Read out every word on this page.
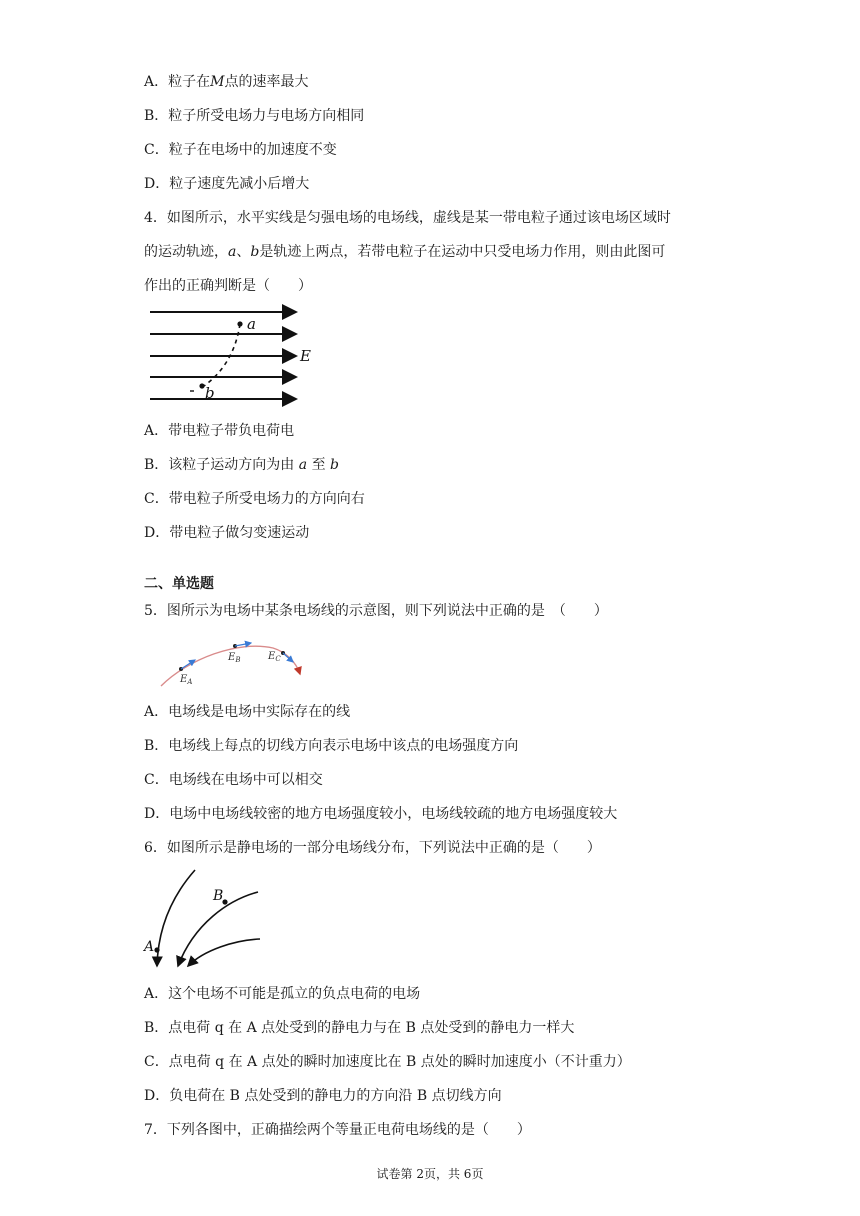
A．粒子在M点的速率最大
B．粒子所受电场力与电场方向相同
C．粒子在电场中的加速度不变
D．粒子速度先减小后增大
4．如图所示，水平实线是匀强电场的电场线，虚线是某一带电粒子通过该电场区域时
的运动轨迹，a、b是轨迹上两点，若带电粒子在运动中只受电场力作用，则由此图可
作出的正确判断是（　　）
a
b
E
A．带电粒子带负电荷电
B．该粒子运动方向为由 a 至 b
C．带电粒子所受电场力的方向向右
D．带电粒子做匀变速运动
二、单选题
5．图所示为电场中某条电场线的示意图，则下列说法中正确的是　（　　）
$E_A$
$E_B$	$E_C$
A．电场线是电场中实际存在的线
B．电场线上每点的切线方向表示电场中该点的电场强度方向
C．电场线在电场中可以相交
D．电场中电场线较密的地方电场强度较小，电场线较疏的地方电场强度较大
6．如图所示是静电场的一部分电场线分布，下列说法中正确的是（　　）
A
B
A．这个电场不可能是孤立的负点电荷的电场
B．点电荷 q 在 A 点处受到的静电力与在 B 点处受到的静电力一样大
C．点电荷 q 在 A 点处的瞬时加速度比在 B 点处的瞬时加速度小（不计重力）
D．负电荷在 B 点处受到的静电力的方向沿 B 点切线方向
7．下列各图中，正确描绘两个等量正电荷电场线的是（　　）
试卷第 2页，共 6页
